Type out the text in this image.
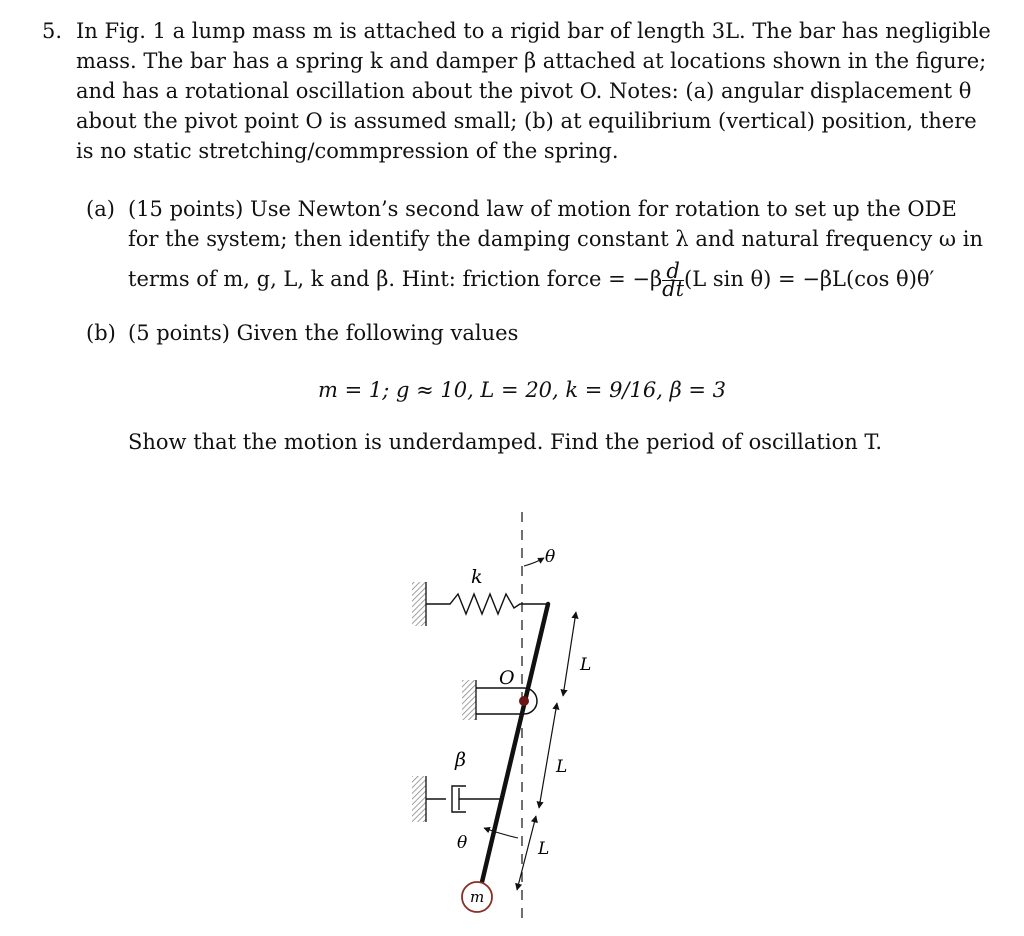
5. In Fig. 1 a lump mass m is attached to a rigid bar of length 3L. The bar has negligible
mass. The bar has a spring k and damper β attached at locations shown in the figure;
and has a rotational oscillation about the pivot O. Notes: (a) angular displacement θ
about the pivot point O is assumed small; (b) at equilibrium (vertical) position, there
is no static stretching/commpression of the spring.
(a) (15 points) Use Newton’s second law of motion for rotation to set up the ODE
for the system; then identify the damping constant λ and natural frequency ω in
terms of m, g, L, k and β. Hint: friction force = $-\beta \frac{d}{dt} (L$ sin θ) = −βL(cos θ)θ′
(b) (5 points) Given the following values
m = 1; g ≈ 10, L = 20, k = 9/16, β = 3
Show that the motion is underdamped. Find the period of oscillation T.
θ
k
O
β
θ
L
L
L
m
